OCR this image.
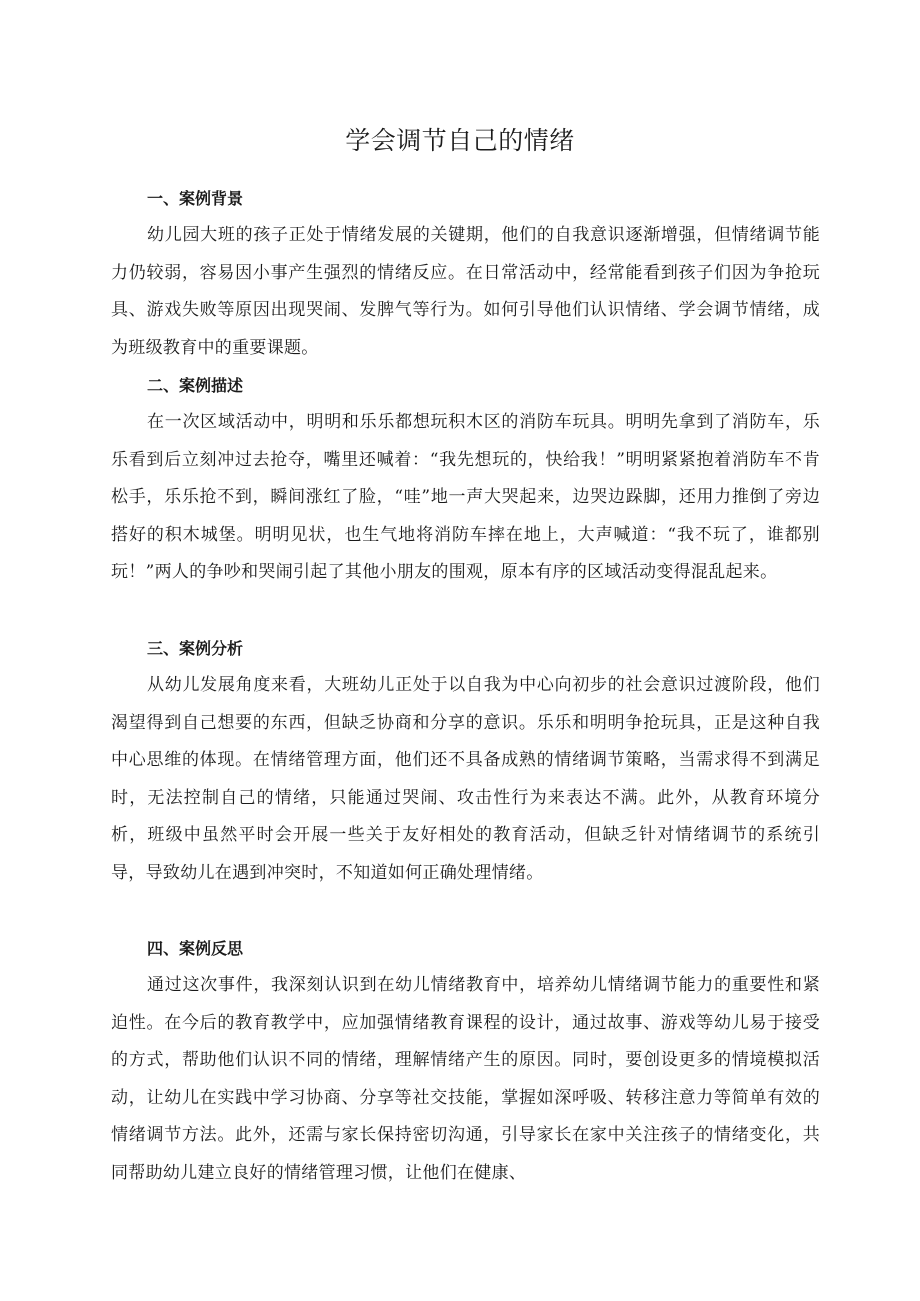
学会调节自己的情绪
一、案例背景

幼儿园大班的孩子正处于情绪发展的关键期，他们的自我意识逐渐增强，但情绪调节能力仍较弱，容易因小事产生强烈的情绪反应。在日常活动中，经常能看到孩子们因为争抢玩具、游戏失败等原因出现哭闹、发脾气等行为。如何引导他们认识情绪、学会调节情绪，成为班级教育中的重要课题。

二、案例描述

在一次区域活动中，明明和乐乐都想玩积木区的消防车玩具。明明先拿到了消防车，乐乐看到后立刻冲过去抢夺，嘴里还喊着：“我先想玩的，快给我！”明明紧紧抱着消防车不肯松手，乐乐抢不到，瞬间涨红了脸，“哇”地一声大哭起来，边哭边跺脚，还用力推倒了旁边搭好的积木城堡。明明见状，也生气地将消防车摔在地上，大声喊道：“我不玩了，谁都别玩！”两人的争吵和哭闹引起了其他小朋友的围观，原本有序的区域活动变得混乱起来。

三、案例分析

从幼儿发展角度来看，大班幼儿正处于以自我为中心向初步的社会意识过渡阶段，他们渴望得到自己想要的东西，但缺乏协商和分享的意识。乐乐和明明争抢玩具，正是这种自我中心思维的体现。在情绪管理方面，他们还不具备成熟的情绪调节策略，当需求得不到满足时，无法控制自己的情绪，只能通过哭闹、攻击性行为来表达不满。此外，从教育环境分析，班级中虽然平时会开展一些关于友好相处的教育活动，但缺乏针对情绪调节的系统引导，导致幼儿在遇到冲突时，不知道如何正确处理情绪。

四、案例反思

通过这次事件，我深刻认识到在幼儿情绪教育中，培养幼儿情绪调节能力的重要性和紧迫性。在今后的教育教学中，应加强情绪教育课程的设计，通过故事、游戏等幼儿易于接受的方式，帮助他们认识不同的情绪，理解情绪产生的原因。同时，要创设更多的情境模拟活动，让幼儿在实践中学习协商、分享等社交技能，掌握如深呼吸、转移注意力等简单有效的情绪调节方法。此外，还需与家长保持密切沟通，引导家长在家中关注孩子的情绪变化，共同帮助幼儿建立良好的情绪管理习惯，让他们在健康、
